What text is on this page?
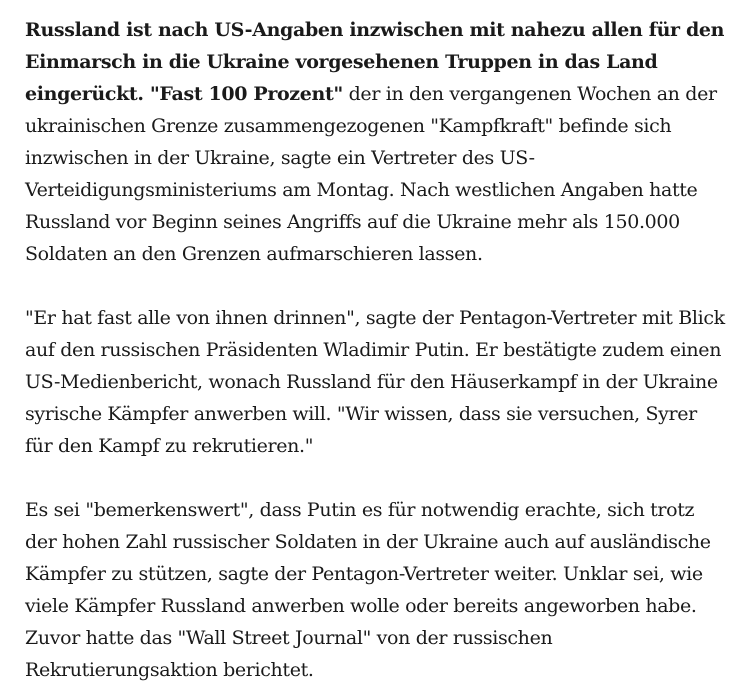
Russland ist nach US-Angaben inzwischen mit nahezu allen für den Einmarsch in die Ukraine vorgesehenen Truppen in das Land eingerückt. "Fast 100 Prozent" der in den vergangenen Wochen an der ukrainischen Grenze zusammengezogenen "Kampfkraft" befinde sich inzwischen in der Ukraine, sagte ein Vertreter des US-Verteidigungsministeriums am Montag. Nach westlichen Angaben hatte Russland vor Beginn seines Angriffs auf die Ukraine mehr als 150.000 Soldaten an den Grenzen aufmarschieren lassen.

"Er hat fast alle von ihnen drinnen", sagte der Pentagon-Vertreter mit Blick auf den russischen Präsidenten Wladimir Putin. Er bestätigte zudem einen US-Medienbericht, wonach Russland für den Häuserkampf in der Ukraine syrische Kämpfer anwerben will. "Wir wissen, dass sie versuchen, Syrer für den Kampf zu rekrutieren."

Es sei "bemerkenswert", dass Putin es für notwendig erachte, sich trotz der hohen Zahl russischer Soldaten in der Ukraine auch auf ausländische Kämpfer zu stützen, sagte der Pentagon-Vertreter weiter. Unklar sei, wie viele Kämpfer Russland anwerben wolle oder bereits angeworben habe. Zuvor hatte das "Wall Street Journal" von der russischen Rekrutierungsaktion berichtet.
